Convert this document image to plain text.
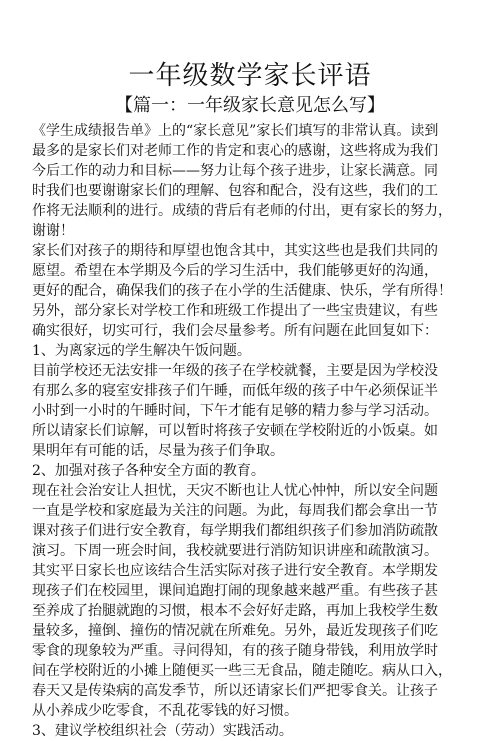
一年级数学家长评语
【篇一：一年级家长意见怎么写】
《学生成绩报告单》上的“家长意见”家长们填写的非常认真。读到
最多的是家长们对老师工作的肯定和衷心的感谢，这些将成为我们
今后工作的动力和目标——努力让每个孩子进步，让家长满意。同
时我们也要谢谢家长们的理解、包容和配合，没有这些，我们的工
作将无法顺利的进行。成绩的背后有老师的付出，更有家长的努力，
谢谢！
家长们对孩子的期待和厚望也饱含其中，其实这些也是我们共同的
愿望。希望在本学期及今后的学习生活中，我们能够更好的沟通，
更好的配合，确保我们的孩子在小学的生活健康、快乐，学有所得！
另外，部分家长对学校工作和班级工作提出了一些宝贵建议，有些
确实很好，切实可行，我们会尽量参考。所有问题在此回复如下：
1、为离家远的学生解决午饭问题。
目前学校还无法安排一年级的孩子在学校就餐，主要是因为学校没
有那么多的寝室安排孩子们午睡，而低年级的孩子中午必须保证半
小时到一小时的午睡时间，下午才能有足够的精力参与学习活动。
所以请家长们谅解，可以暂时将孩子安顿在学校附近的小饭桌。如
果明年有可能的话，尽量为孩子们争取。
2、加强对孩子各种安全方面的教育。
现在社会治安让人担忧，天灾不断也让人忧心忡忡，所以安全问题
一直是学校和家庭最为关注的问题。为此，每周我们都会拿出一节
课对孩子们进行安全教育，每学期我们都组织孩子们参加消防疏散
演习。下周一班会时间，我校就要进行消防知识讲座和疏散演习。
其实平日家长也应该结合生活实际对孩子进行安全教育。本学期发
现孩子们在校园里，课间追跑打闹的现象越来越严重。有些孩子甚
至养成了抬腿就跑的习惯，根本不会好好走路，再加上我校学生数
量较多，撞倒、撞伤的情况就在所难免。另外，最近发现孩子们吃
零食的现象较为严重。寻问得知，有的孩子随身带钱，利用放学时
间在学校附近的小摊上随便买一些三无食品，随走随吃。病从口入，
春天又是传染病的高发季节，所以还请家长们严把零食关。让孩子
从小养成少吃零食，不乱花零钱的好习惯。
3、建议学校组织社会（劳动）实践活动。
